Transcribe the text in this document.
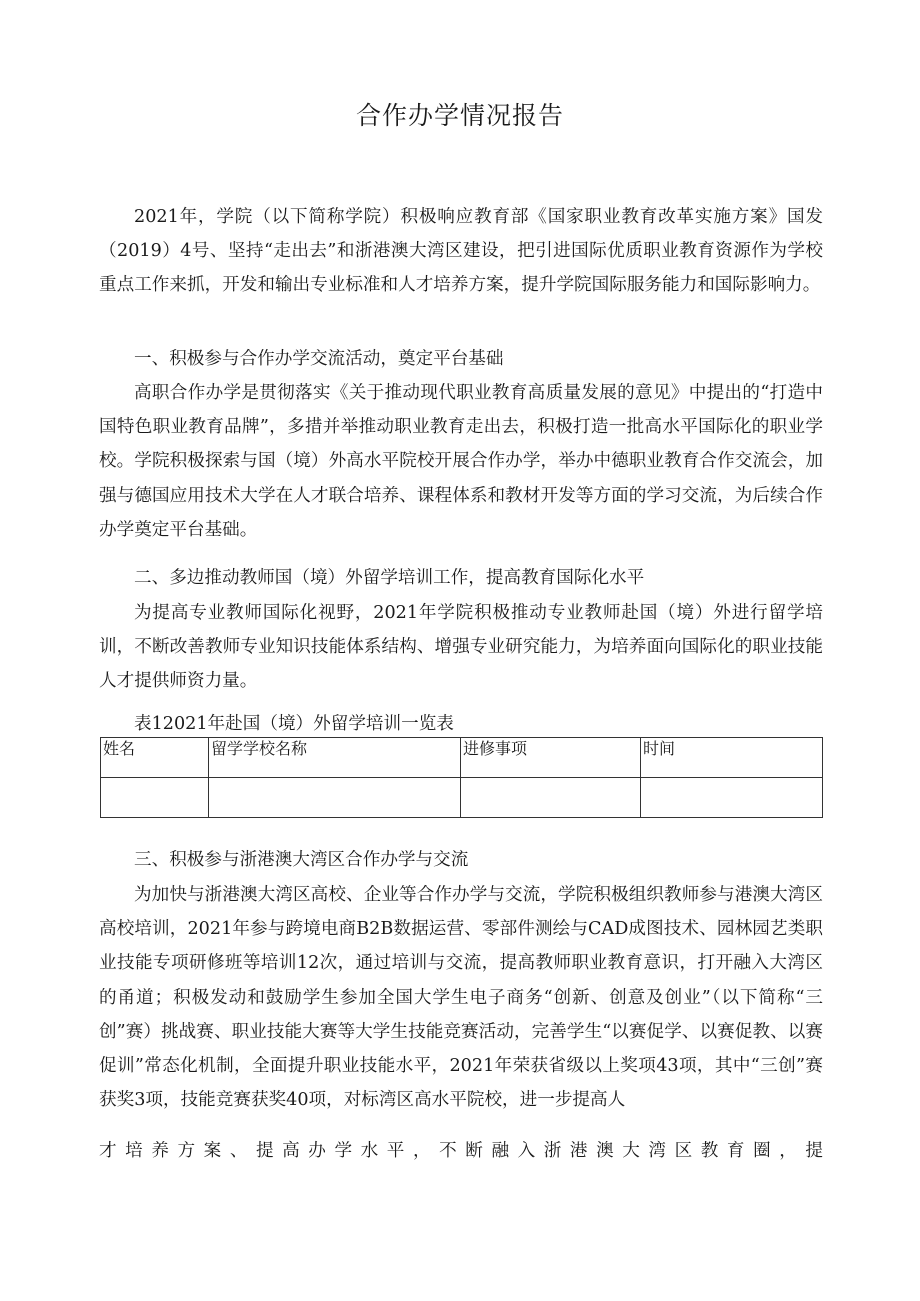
合作办学情况报告

2021年，学院（以下简称学院）积极响应教育部《国家职业教育改革实施方案》国发（2019）4号、坚持“走出去”和浙港澳大湾区建设，把引进国际优质职业教育资源作为学校重点工作来抓，开发和输出专业标准和人才培养方案，提升学院国际服务能力和国际影响力。

一、积极参与合作办学交流活动，奠定平台基础

高职合作办学是贯彻落实《关于推动现代职业教育高质量发展的意见》中提出的“打造中国特色职业教育品牌”，多措并举推动职业教育走出去，积极打造一批高水平国际化的职业学校。学院积极探索与国（境）外高水平院校开展合作办学，举办中德职业教育合作交流会，加强与德国应用技术大学在人才联合培养、课程体系和教材开发等方面的学习交流，为后续合作办学奠定平台基础。

二、多边推动教师国（境）外留学培训工作，提高教育国际化水平

为提高专业教师国际化视野，2021年学院积极推动专业教师赴国（境）外进行留学培训，不断改善教师专业知识技能体系结构、增强专业研究能力，为培养面向国际化的职业技能人才提供师资力量。

表12021年赴国（境）外留学培训一览表

姓名	留学学校名称	进修事项	时间

三、积极参与浙港澳大湾区合作办学与交流

为加快与浙港澳大湾区高校、企业等合作办学与交流，学院积极组织教师参与港澳大湾区高校培训，2021年参与跨境电商B2B数据运营、零部件测绘与CAD成图技术、园林园艺类职业技能专项研修班等培训12次，通过培训与交流，提高教师职业教育意识，打开融入大湾区的甬道；积极发动和鼓励学生参加全国大学生电子商务“创新、创意及创业”（以下简称“三创”赛）挑战赛、职业技能大赛等大学生技能竞赛活动，完善学生“以赛促学、以赛促教、以赛促训”常态化机制，全面提升职业技能水平，2021年荣获省级以上奖项43项，其中“三创”赛获奖3项，技能竞赛获奖40项，对标湾区高水平院校，进一步提高人

才培养方案、提高办学水平，不断融入浙港澳大湾区教育圈，提
